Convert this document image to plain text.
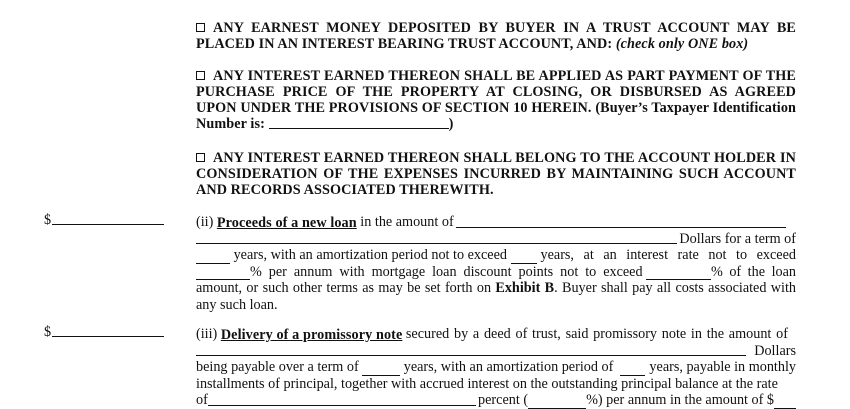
ANY EARNEST MONEY DEPOSITED BY BUYER IN A TRUST ACCOUNT MAY BE PLACED IN AN INTEREST BEARING TRUST ACCOUNT, AND: (check only ONE box)
ANY INTEREST EARNED THEREON SHALL BE APPLIED AS PART PAYMENT OF THE PURCHASE PRICE OF THE PROPERTY AT CLOSING, OR DISBURSED AS AGREED UPON UNDER THE PROVISIONS OF SECTION 10 HEREIN. (Buyer’s Taxpayer Identification Number is:	)
ANY INTEREST EARNED THEREON SHALL BELONG TO THE ACCOUNT HOLDER IN CONSIDERATION OF THE EXPENSES INCURRED BY MAINTAINING SUCH ACCOUNT AND RECORDS ASSOCIATED THEREWITH.
$	(ii)
Proceeds of a new loan
in the amount of
Dollars for a term of
years, with an amortization period not to exceed
years, at an interest rate not to exceed
% per annum with mortgage loan discount points not to exceed
	% of the loan
amount, or such other terms as may be set forth on Exhibit B. Buyer shall pay all costs associated with any such loan.
$	(iii)
Delivery of a promissory note
secured by a deed of trust, said promissory note in the amount of
Dollars
being payable over a term of
	years, with an amortization period of
	years, payable in monthly
installments of principal, together with accrued interest on the outstanding principal balance at the rate
of	percent (	%) per annum in the amount of $
